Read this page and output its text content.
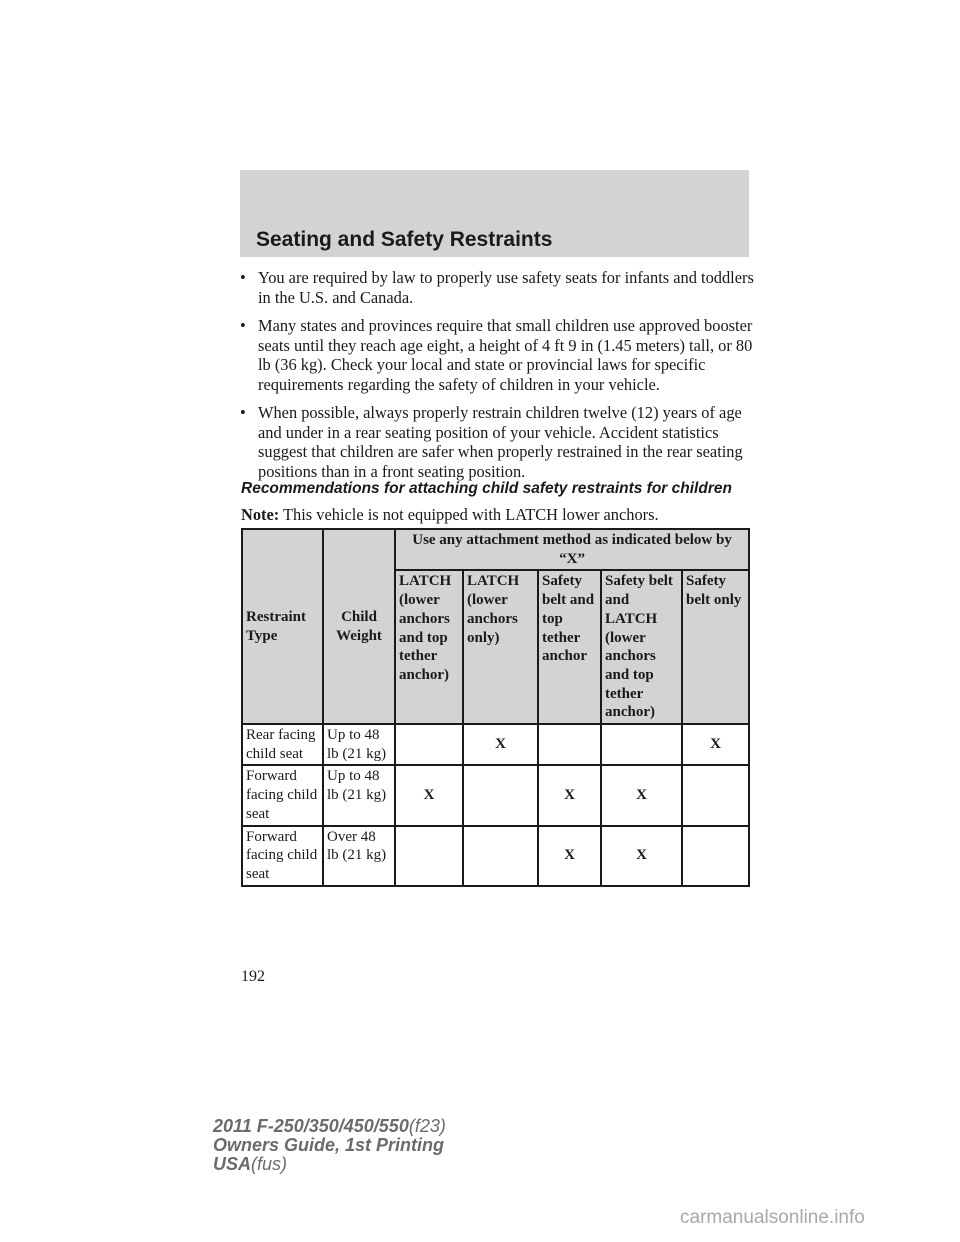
Seating and Safety Restraints
• You are required by law to properly use safety seats for infants and toddlers in the U.S. and Canada.
• Many states and provinces require that small children use approved booster seats until they reach age eight, a height of 4 ft 9 in (1.45 meters) tall, or 80 lb (36 kg). Check your local and state or provincial laws for specific requirements regarding the safety of children in your vehicle.
• When possible, always properly restrain children twelve (12) years of age and under in a rear seating position of your vehicle. Accident statistics suggest that children are safer when properly restrained in the rear seating positions than in a front seating position.
Recommendations for attaching child safety restraints for children
Note: This vehicle is not equipped with LATCH lower anchors.
Restraint Type	Child Weight	Use any attachment method as indicated below by “X”				
		LATCH (lower anchors and top tether anchor)	LATCH (lower anchors only)	Safety belt and top tether anchor	Safety belt and LATCH (lower anchors and top tether anchor)	Safety belt only
Rear facing child seat	Up to 48 lb (21 kg)		X			X
Forward facing child seat	Up to 48 lb (21 kg)	X		X	X	
Forward facing child seat	Over 48 lb (21 kg)			X	X	
192
2011 F-250/350/450/550(f23)
Owners Guide, 1st Printing
USA(fus)
carmanualsonline.info
